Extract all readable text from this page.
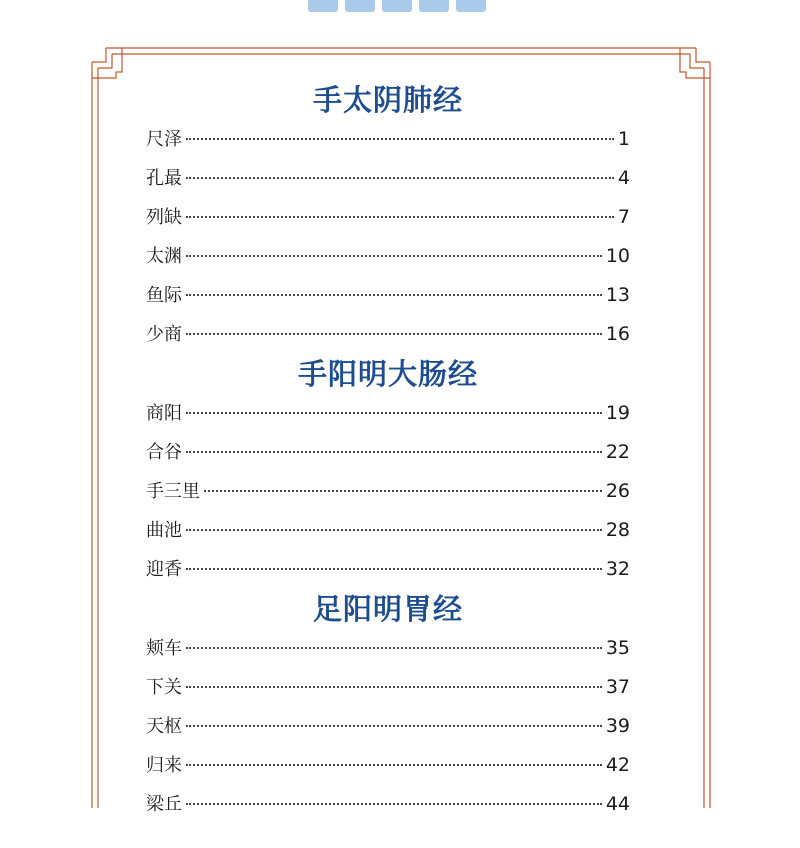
手太阴肺经
尺泽	1
孔最	4
列缺	7
太渊	10
鱼际	13
少商	16
手阳明大肠经
商阳	19
合谷	22
手三里	26
曲池	28
迎香	32
足阳明胃经
颊车	35
下关	37
天枢	39
归来	42
梁丘	44
